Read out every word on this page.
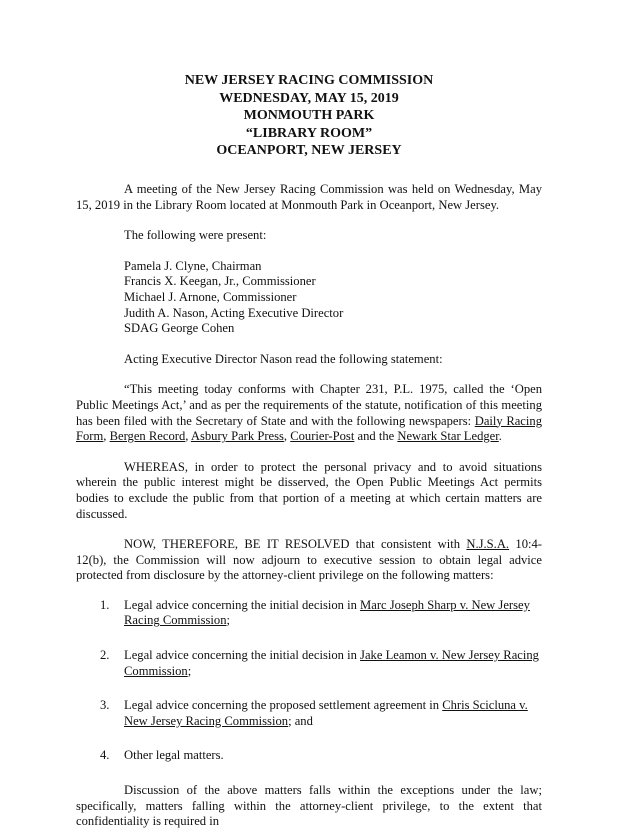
NEW JERSEY RACING COMMISSION
WEDNESDAY, MAY 15, 2019
MONMOUTH PARK
“LIBRARY ROOM”
OCEANPORT, NEW JERSEY

A meeting of the New Jersey Racing Commission was held on Wednesday, May 15, 2019 in the Library Room located at Monmouth Park in Oceanport, New Jersey.

The following were present:

Pamela J. Clyne, Chairman
Francis X. Keegan, Jr., Commissioner
Michael J. Arnone, Commissioner
Judith A. Nason, Acting Executive Director
SDAG George Cohen

Acting Executive Director Nason read the following statement:

“This meeting today conforms with Chapter 231, P.L. 1975, called the ‘Open Public Meetings Act,’ and as per the requirements of the statute, notification of this meeting has been filed with the Secretary of State and with the following newspapers: Daily Racing Form, Bergen Record, Asbury Park Press, Courier-Post and the Newark Star Ledger.

WHEREAS, in order to protect the personal privacy and to avoid situations wherein the public interest might be disserved, the Open Public Meetings Act permits bodies to exclude the public from that portion of a meeting at which certain matters are discussed.

NOW, THEREFORE, BE IT RESOLVED that consistent with N.J.S.A. 10:4-12(b), the Commission will now adjourn to executive session to obtain legal advice protected from disclosure by the attorney-client privilege on the following matters:

1. Legal advice concerning the initial decision in Marc Joseph Sharp v. New Jersey Racing Commission;
2. Legal advice concerning the initial decision in Jake Leamon v. New Jersey Racing Commission;
3. Legal advice concerning the proposed settlement agreement in Chris Scicluna v. New Jersey Racing Commission; and
4. Other legal matters.

Discussion of the above matters falls within the exceptions under the law; specifically, matters falling within the attorney-client privilege, to the extent that confidentiality is required in
